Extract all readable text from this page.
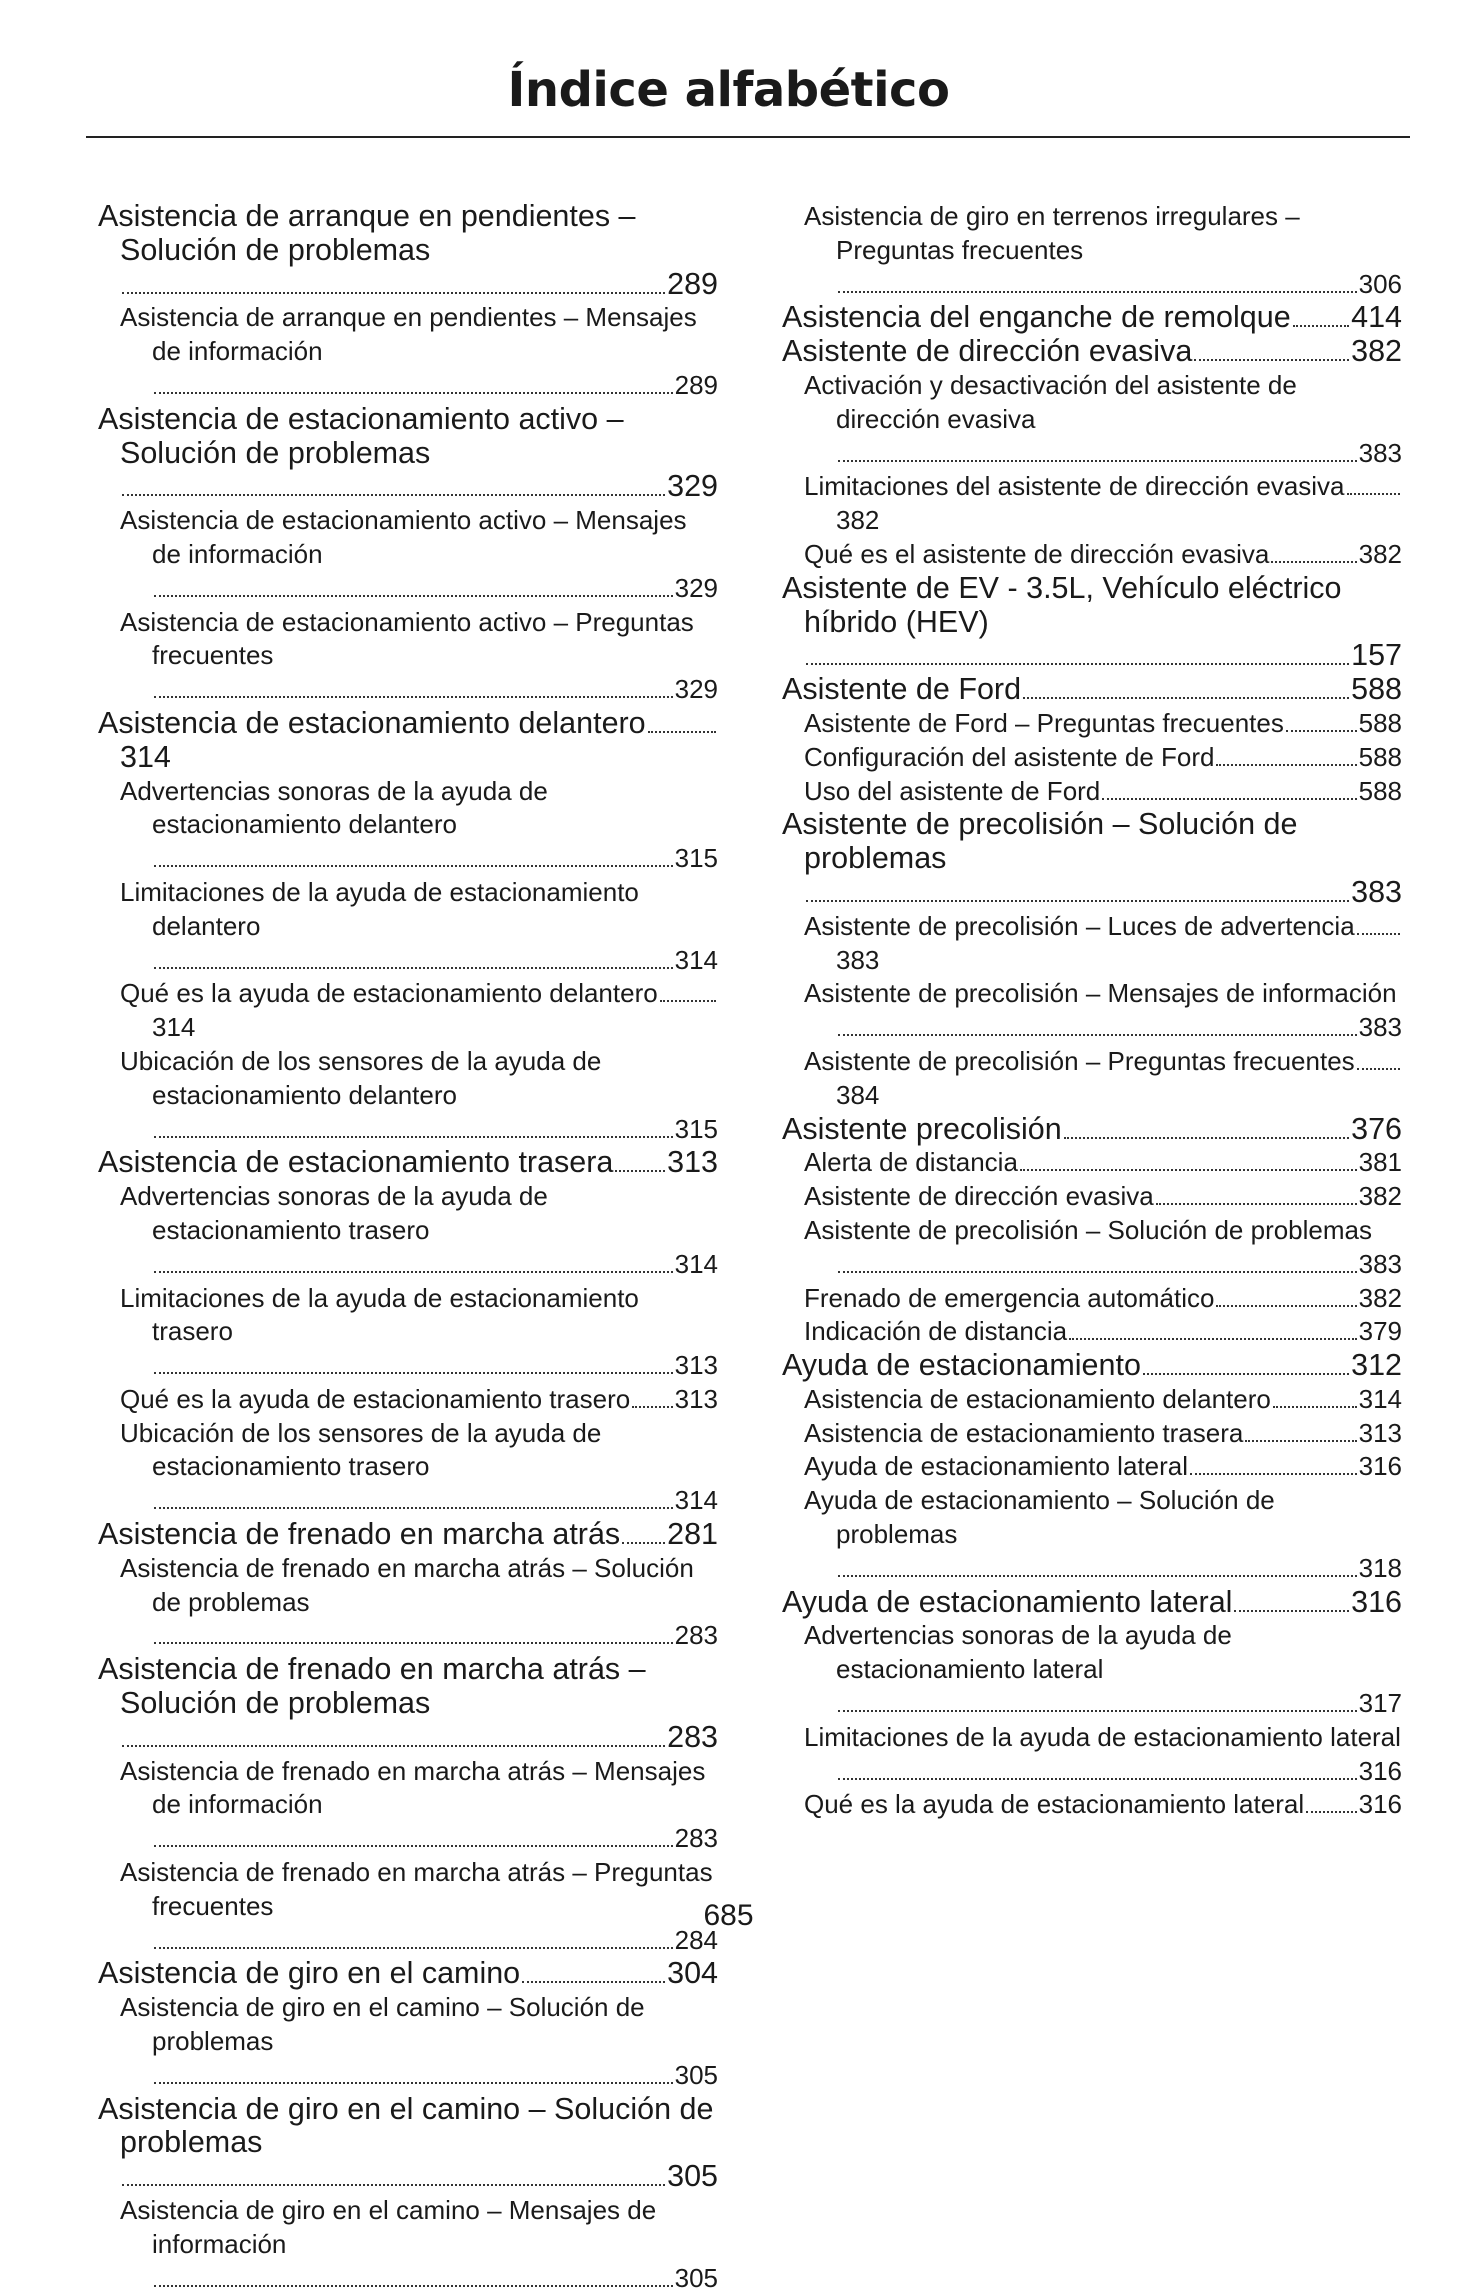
Índice alfabético
Asistencia de arranque en pendientes – Solución de problemas
289
Asistencia de arranque en pendientes – Mensajes de información
289
Asistencia de estacionamiento activo – Solución de problemas
329
Asistencia de estacionamiento activo – Mensajes de información
329
Asistencia de estacionamiento activo – Preguntas frecuentes
329
Asistencia de estacionamiento delantero
314
Advertencias sonoras de la ayuda de estacionamiento delantero
315
Limitaciones de la ayuda de estacionamiento delantero
314
Qué es la ayuda de estacionamiento delantero
314
Ubicación de los sensores de la ayuda de estacionamiento delantero
315
Asistencia de estacionamiento trasera 313
Advertencias sonoras de la ayuda de estacionamiento trasero
314
Limitaciones de la ayuda de estacionamiento trasero
313
Qué es la ayuda de estacionamiento trasero 313
Ubicación de los sensores de la ayuda de estacionamiento trasero
314
Asistencia de frenado en marcha atrás 281
Asistencia de frenado en marcha atrás – Solución de problemas
283
Asistencia de frenado en marcha atrás – Solución de problemas
283
Asistencia de frenado en marcha atrás – Mensajes de información
283
Asistencia de frenado en marcha atrás – Preguntas frecuentes
284
Asistencia de giro en el camino	304
Asistencia de giro en el camino – Solución de problemas
305
Asistencia de giro en el camino – Solución de problemas
305
Asistencia de giro en el camino – Mensajes de información
305
Asistencia de giro en terrenos irregulares – Preguntas frecuentes
306
Asistencia del enganche de remolque 414
Asistente de dirección evasiva	382
Activación y desactivación del asistente de dirección evasiva
383
Limitaciones del asistente de dirección evasiva
382
Qué es el asistente de dirección evasiva	382
Asistente de EV - 3.5L, Vehículo eléctrico híbrido (HEV)
157
Asistente de Ford	588
Asistente de Ford – Preguntas frecuentes	588
Configuración del asistente de Ford	588
Uso del asistente de Ford	588
Asistente de precolisión – Solución de problemas
383
Asistente de precolisión – Luces de advertencia
383
Asistente de precolisión – Mensajes de información
383
Asistente de precolisión – Preguntas frecuentes
384
Asistente precolisión	376
Alerta de distancia	381
Asistente de dirección evasiva	382
Asistente de precolisión – Solución de problemas
383
Frenado de emergencia automático	382
Indicación de distancia	379
Ayuda de estacionamiento	312
Asistencia de estacionamiento delantero	314
Asistencia de estacionamiento trasera	313
Ayuda de estacionamiento lateral	316
Ayuda de estacionamiento – Solución de problemas
318
Ayuda de estacionamiento lateral	316
Advertencias sonoras de la ayuda de estacionamiento lateral
317
Limitaciones de la ayuda de estacionamiento lateral
316
Qué es la ayuda de estacionamiento lateral 316
685
